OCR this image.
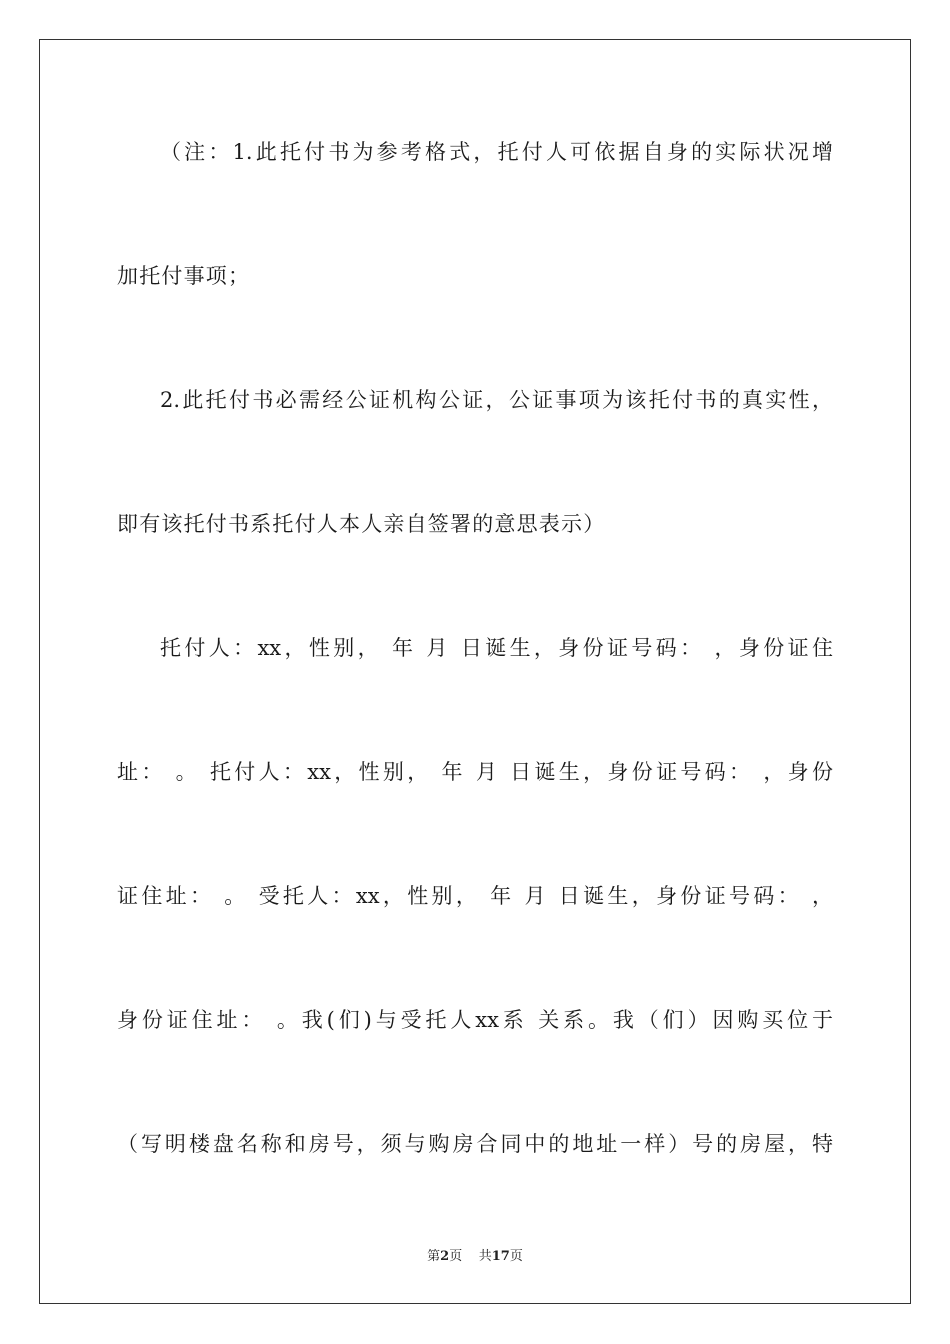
（注：1.此托付书为参考格式，托付人可依据自身的实际状况增
加托付事项；
2.此托付书必需经公证机构公证，公证事项为该托付书的真实性，
即有该托付书系托付人本人亲自签署的意思表示）
托付人：xx，性别， 年 月 日诞生，身份证号码： ，身份证住
址： 。 托付人：xx，性别， 年 月 日诞生，身份证号码： ，身份
证住址： 。 受托人：xx，性别， 年 月 日诞生，身份证号码： ，
身份证住址： 。我(们)与受托人xx系 关系。我（们）因购买位于
（写明楼盘名称和房号，须与购房合同中的地址一样）号的房屋，特
第2页 共17页
